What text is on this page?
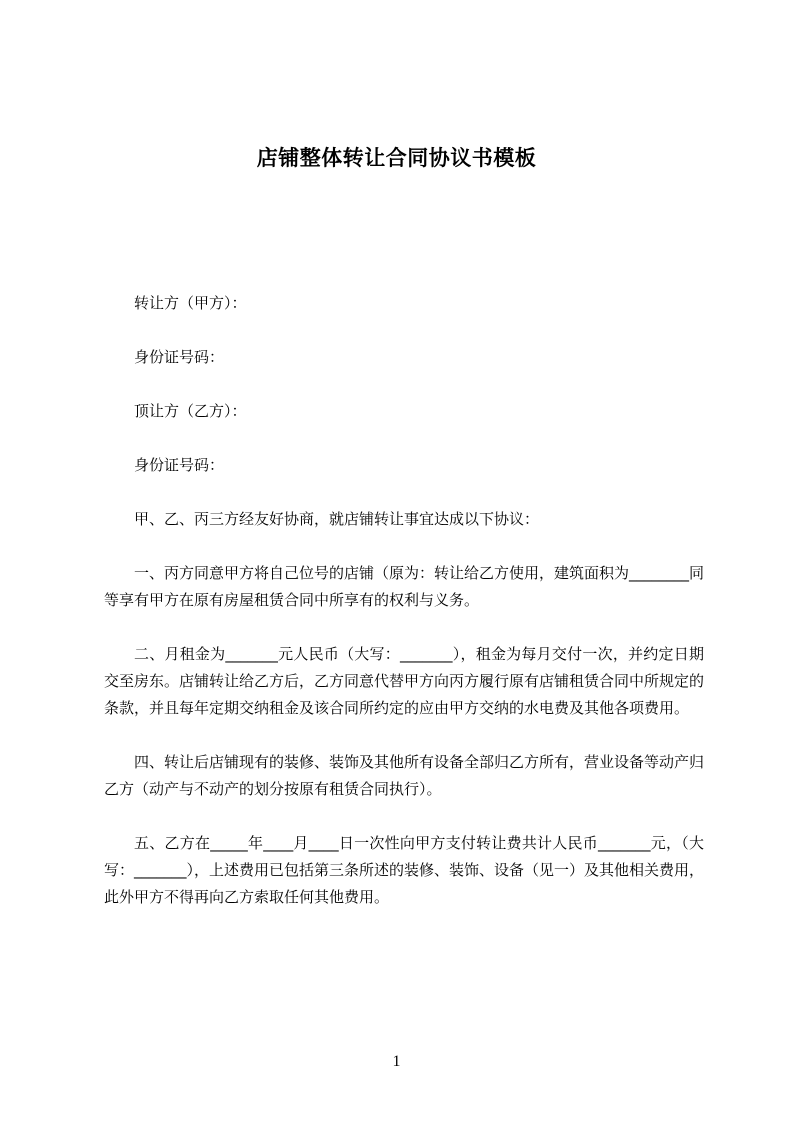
店铺整体转让合同协议书模板

转让方（甲方）：

身份证号码：

顶让方（乙方）：

身份证号码：

甲、乙、丙三方经友好协商，就店铺转让事宜达成以下协议：

一、丙方同意甲方将自己位号的店铺（原为：转让给乙方使用，建筑面积为________同等享有甲方在原有房屋租赁合同中所享有的权利与义务。

二、月租金为_______元人民币（大写：_______），租金为每月交付一次，并约定日期交至房东。店铺转让给乙方后，乙方同意代替甲方向丙方履行原有店铺租赁合同中所规定的条款，并且每年定期交纳租金及该合同所约定的应由甲方交纳的水电费及其他各项费用。

四、转让后店铺现有的装修、装饰及其他所有设备全部归乙方所有，营业设备等动产归乙方（动产与不动产的划分按原有租赁合同执行）。

五、乙方在_____年____月____日一次性向甲方支付转让费共计人民币_______元，（大写：_______），上述费用已包括第三条所述的装修、装饰、设备（见一）及其他相关费用，此外甲方不得再向乙方索取任何其他费用。

1
